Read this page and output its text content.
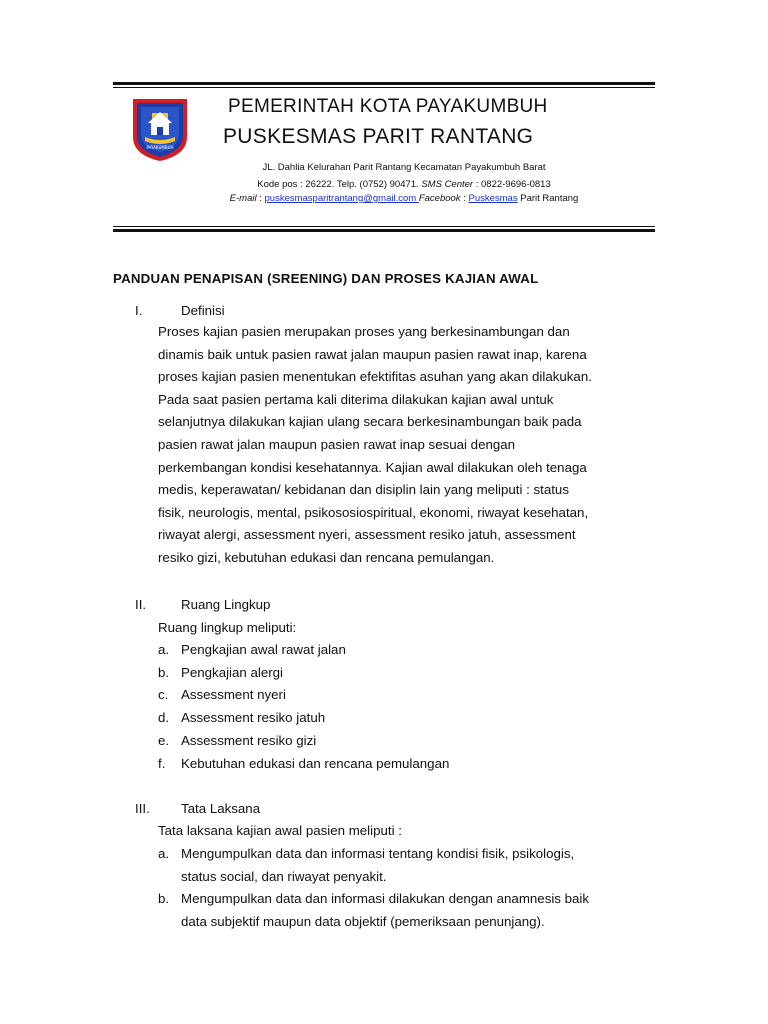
PAYAKUMBUH
PEMERINTAH KOTA PAYAKUMBUH
PUSKESMAS PARIT RANTANG
JL. Dahlia Kelurahan Parit Rantang Kecamatan Payakumbuh Barat
Kode pos : 26222. Telp. (0752) 90471. SMS Center : 0822-9696-0813
E-mail : puskesmasparitrantang@gmail.com Facebook : Puskesmas Parit Rantang
PANDUAN PENAPISAN (SREENING) DAN PROSES KAJIAN AWAL
I.	Definisi
Proses kajian pasien merupakan proses yang berkesinambungan dan
dinamis baik untuk pasien rawat jalan maupun pasien rawat inap, karena
proses kajian pasien menentukan efektifitas asuhan yang akan dilakukan.
Pada saat pasien pertama kali diterima dilakukan kajian awal untuk
selanjutnya dilakukan kajian ulang secara berkesinambungan baik pada
pasien rawat jalan maupun pasien rawat inap sesuai dengan
perkembangan kondisi kesehatannya. Kajian awal dilakukan oleh tenaga
medis, keperawatan/ kebidanan dan disiplin lain yang meliputi : status
fisik, neurologis, mental, psikososiospiritual, ekonomi, riwayat kesehatan,
riwayat alergi, assessment nyeri, assessment resiko jatuh, assessment
resiko gizi, kebutuhan edukasi dan rencana pemulangan.
II.	Ruang Lingkup
Ruang lingkup meliputi:
a. Pengkajian awal rawat jalan
b. Pengkajian alergi
c. Assessment nyeri
d. Assessment resiko jatuh
e. Assessment resiko gizi
f. Kebutuhan edukasi dan rencana pemulangan
III. Tata Laksana
Tata laksana kajian awal pasien meliputi :
a. Mengumpulkan data dan informasi tentang kondisi fisik, psikologis,
status social, dan riwayat penyakit.
b. Mengumpulkan data dan informasi dilakukan dengan anamnesis baik
data subjektif maupun data objektif (pemeriksaan penunjang).
